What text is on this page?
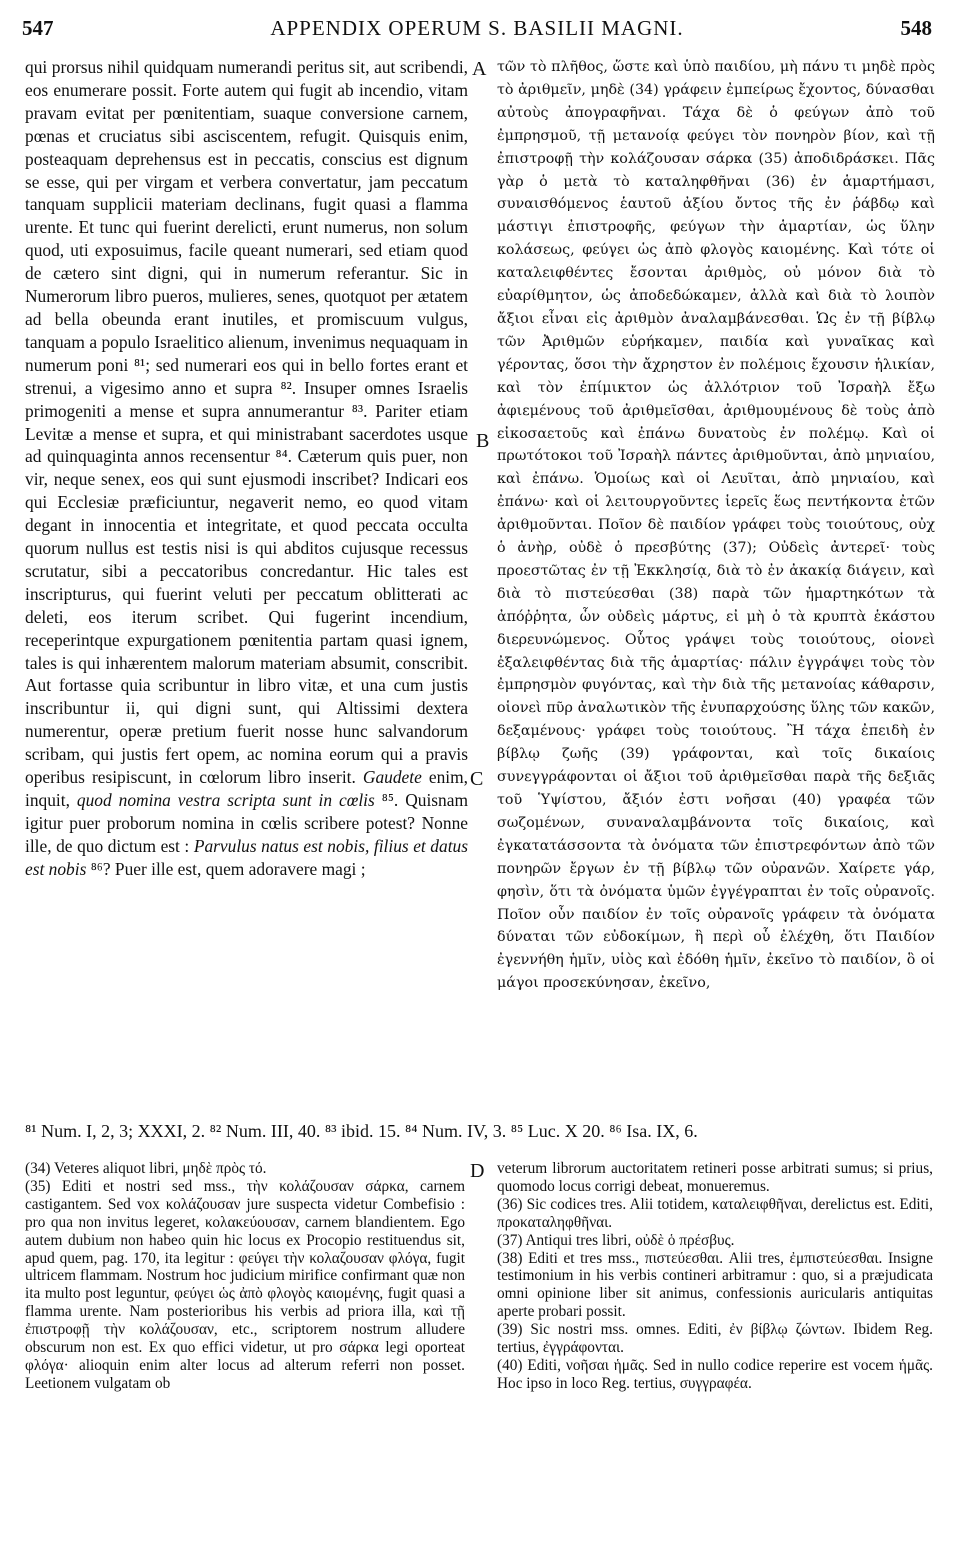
547	APPENDIX OPERUM S. BASILII MAGNI.	548

qui prorsus nihil quidquam numerandi peritus sit, aut scribendi, eos enumerare possit. Forte autem qui fugit ab incendio, vitam pravam evitat per pœnitentiam, suaque conversione carnem, pœnas et cruciatus sibi asciscentem, refugit. Quisquis enim, posteaquam deprehensus est in peccatis, conscius est dignum se esse, qui per virgam et verbera convertatur, jam peccatum tanquam supplicii materiam declinans, fugit quasi a flamma urente. Et tunc qui fuerint derelicti, erunt numerus, non solum quod, uti exposuimus, facile queant numerari, sed etiam quod de cætero sint digni, qui in numerum referantur. Sic in Numerorum libro pueros, mulieres, senes, quotquot per ætatem ad bella obeunda erant inutiles, et promiscuum vulgus, tanquam a populo Israelitico alienum, invenimus nequaquam in numerum poni ⁸¹; sed numerari eos qui in bello fortes erant et strenui, a vigesimo anno et supra ⁸². Insuper omnes Israelis primogeniti a mense et supra annumerantur ⁸³. Pariter etiam Levitæ a mense et supra, et qui ministrabant sacerdotes usque ad quinquaginta annos recensentur ⁸⁴. Cæterum quis puer, non vir, neque senex, eos qui sunt ejusmodi inscribet? Indicari eos qui Ecclesiæ præficiuntur, negaverit nemo, eo quod vitam degant in innocentia et integritate, et quod peccata occulta quorum nullus est testis nisi is qui abditos cujusque recessus scrutatur, sibi a peccatoribus concredantur. Hic tales est inscripturus, qui fuerint veluti per peccatum oblitterati ac deleti, eos iterum scribet. Qui fugerint incendium, receperintque expurgationem pœnitentia partam quasi ignem, tales is qui inhærentem malorum materiam absumit, conscribit. Aut fortasse quia scribuntur in libro vitæ, et una cum justis inscribuntur ii, qui digni sunt, qui Altissimi dextera numerentur, operæ pretium fuerit nosse hunc salvandorum scribam, qui justis fert opem, ac nomina eorum qui a pravis operibus resipiscunt, in cœlorum libro inserit. Gaudete enim, inquit, quod nomina vestra scripta sunt in cœlis ⁸⁵. Quisnam igitur puer proborum nomina in cœlis scribere potest? Nonne ille, de quo dictum est : Parvulus natus est nobis, filius et datus est nobis ⁸⁶? Puer ille est, quem adoravere magi ;

A
B
C
D

τῶν τὸ πλῆθος, ὥστε καὶ ὑπὸ παιδίου, μὴ πάνυ τι μηδὲ πρὸς τὸ ἀριθμεῖν, μηδὲ (34) γράφειν ἐμπείρως ἔχοντος, δύνασθαι αὐτοὺς ἀπογραφῆναι. Τάχα δὲ ὁ φεύγων ἀπὸ τοῦ ἐμπρησμοῦ, τῇ μετανοίᾳ φεύγει τὸν πονηρὸν βίον, καὶ τῇ ἐπιστροφῇ τὴν κολάζουσαν σάρκα (35) ἀποδιδράσκει. Πᾶς γὰρ ὁ μετὰ τὸ καταληφθῆναι (36) ἐν ἁμαρτήμασι, συναισθόμενος ἑαυτοῦ ἀξίου ὄντος τῆς ἐν ῥάβδῳ καὶ μάστιγι ἐπιστροφῆς, φεύγων τὴν ἁμαρτίαν, ὡς ὕλην κολάσεως, φεύγει ὡς ἀπὸ φλογὸς καιομένης. Καὶ τότε οἱ καταλειφθέντες ἔσονται ἀριθμὸς, οὐ μόνον διὰ τὸ εὐαρίθμητον, ὡς ἀποδεδώκαμεν, ἀλλὰ καὶ διὰ τὸ λοιπὸν ἄξιοι εἶναι εἰς ἀριθμὸν ἀναλαμβάνεσθαι. Ὡς ἐν τῇ βίβλῳ τῶν Ἀριθμῶν εὑρήκαμεν, παιδία καὶ γυναῖκας καὶ γέροντας, ὅσοι τὴν ἄχρηστον ἐν πολέμοις ἔχουσιν ἡλικίαν, καὶ τὸν ἐπίμικτον ὡς ἀλλότριον τοῦ Ἰσραὴλ ἔξω ἀφιεμένους τοῦ ἀριθμεῖσθαι, ἀριθμουμένους δὲ τοὺς ἀπὸ εἰκοσαετοῦς καὶ ἐπάνω δυνατοὺς ἐν πολέμῳ. Καὶ οἱ πρωτότοκοι τοῦ Ἰσραὴλ πάντες ἀριθμοῦνται, ἀπὸ μηνιαίου, καὶ ἐπάνω. Ὁμοίως καὶ οἱ Λευῖται, ἀπὸ μηνιαίου, καὶ ἐπάνω· καὶ οἱ λειτουργοῦντες ἱερεῖς ἕως πεντήκοντα ἐτῶν ἀριθμοῦνται. Ποῖον δὲ παιδίον γράφει τοὺς τοιούτους, οὐχ ὁ ἀνὴρ, οὐδὲ ὁ πρεσβύτης (37); Οὐδεὶς ἀντερεῖ· τοὺς προεστῶτας ἐν τῇ Ἐκκλησίᾳ, διὰ τὸ ἐν ἀκακίᾳ διάγειν, καὶ διὰ τὸ πιστεύεσθαι (38) παρὰ τῶν ἡμαρτηκότων τὰ ἀπόῤῥητα, ὧν οὐδεὶς μάρτυς, εἰ μὴ ὁ τὰ κρυπτὰ ἑκάστου διερευνώμενος. Οὗτος γράψει τοὺς τοιούτους, οἱονεὶ ἐξαλειφθέντας διὰ τῆς ἁμαρτίας· πάλιν ἐγγράψει τοὺς τὸν ἐμπρησμὸν φυγόντας, καὶ τὴν διὰ τῆς μετανοίας κάθαρσιν, οἱονεὶ πῦρ ἀναλωτικὸν τῆς ἐνυπαρχούσης ὕλης τῶν κακῶν, δεξαμένους· γράφει τοὺς τοιούτους. Ἢ τάχα ἐπειδὴ ἐν βίβλῳ ζωῆς (39) γράφονται, καὶ τοῖς δικαίοις συνεγγράφονται οἱ ἄξιοι τοῦ ἀριθμεῖσθαι παρὰ τῆς δεξιᾶς τοῦ Ὑψίστου, ἄξιόν ἐστι νοῆσαι (40) γραφέα τῶν σωζομένων, συναναλαμβάνοντα τοῖς δικαίοις, καὶ ἐγκατατάσσοντα τὰ ὀνόματα τῶν ἐπιστρεφόντων ἀπὸ τῶν πονηρῶν ἔργων ἐν τῇ βίβλῳ τῶν οὐρανῶν. Χαίρετε γάρ, φησὶν, ὅτι τὰ ὀνόματα ὑμῶν ἐγγέγραπται ἐν τοῖς οὐρανοῖς. Ποῖον οὖν παιδίον ἐν τοῖς οὐρανοῖς γράφειν τὰ ὀνόματα δύναται τῶν εὐδοκίμων, ἢ περὶ οὗ ἐλέχθη, ὅτι Παιδίον ἐγεννήθη ἡμῖν, υἱὸς καὶ ἐδόθη ἡμῖν, ἐκεῖνο τὸ παιδίον, ὃ οἱ μάγοι προσεκύνησαν, ἐκεῖνο,

⁸¹ Num. I, 2, 3; XXXI, 2. ⁸² Num. III, 40. ⁸³ ibid. 15. ⁸⁴ Num. IV, 3. ⁸⁵ Luc. X 20. ⁸⁶ Isa. IX, 6.

(34) Veteres aliquot libri, μηδὲ πρὸς τό.

(35) Editi et nostri sed mss., τὴν κολάζουσαν σάρκα, carnem castigantem. Sed vox κολάζουσαν jure suspecta videtur Combefisio : pro qua non invitus legeret, κολακεύουσαν, carnem blandientem. Ego autem dubium non habeo quin hic locus ex Procopio restituendus sit, apud quem, pag. 170, ita legitur : φεύγει τὴν κολαζουσαν φλόγα, fugit ultricem flammam. Nostrum hoc judicium mirifice confirmant quæ non ita multo post leguntur, φεύγει ὡς ἀπὸ φλογὸς καιομένης, fugit quasi a flamma urente. Nam posterioribus his verbis ad priora illa, καὶ τῇ ἐπιστροφῇ τὴν κολάζουσαν, etc., scriptorem nostrum alludere obscurum non est. Ex quo effici videtur, ut pro σάρκα legi oporteat φλόγα· alioquin enim alter locus ad alterum referri non posset. Leetionem vulgatam ob

veterum librorum auctoritatem retineri posse arbitrati sumus; si prius, quomodo locus corrigi debeat, monueremus.

(36) Sic codices tres. Alii totidem, καταλειφθῆναι, derelictus est. Editi, προκαταληφθῆναι.

(37) Antiqui tres libri, οὐδὲ ὁ πρέσβυς.

(38) Editi et tres mss., πιστεύεσθαι. Alii tres, ἐμπιστεύεσθαι. Insigne testimonium in his verbis contineri arbitramur : quo, si a præjudicata omni opinione liber sit animus, confessionis auricularis antiquitas aperte probari possit.

(39) Sic nostri mss. omnes. Editi, ἐν βίβλῳ ζώντων. Ibidem Reg. tertius, ἐγγράφονται.

(40) Editi, νοῆσαι ἡμᾶς. Sed in nullo codice reperire est vocem ἡμᾶς. Hoc ipso in loco Reg. tertius, συγγραφέα.
